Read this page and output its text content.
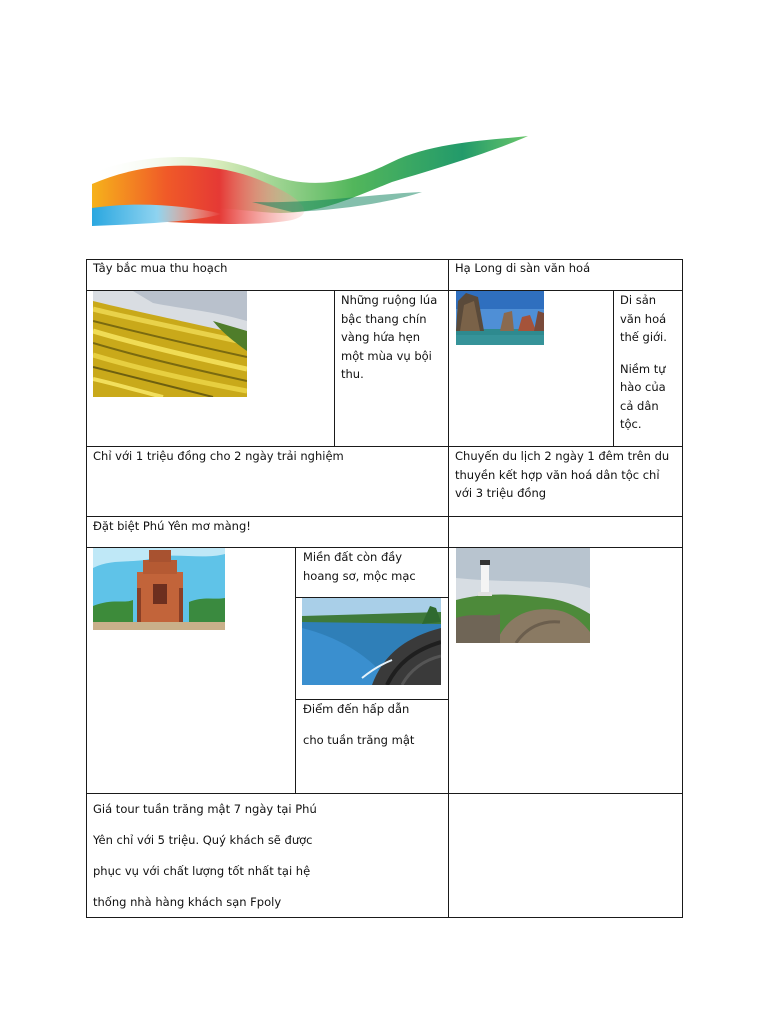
Tây bắc mua thu hoạch	Hạ Long di sàn văn hoá
Những ruộng lúa
bậc thang chín
vàng hứa hẹn
một mùa vụ bội
thu.
Di sản
văn hoá
thế giới.
Niềm tự
hào của
cả dân
tộc.
Chỉ với 1 triệu đồng cho 2 ngày trải nghiệm	Chuyến du lịch 2 ngày 1 đêm trên du
thuyền kết hợp văn hoá dân tộc chỉ
với 3 triệu đồng
Đặt biệt Phú Yên mơ màng!
Miền đất còn đầy
hoang sơ, mộc mạc
Điểm đến hấp dẫn
cho tuần trăng mật
Giá tour tuần trăng mật 7 ngày tại Phú
Yên chỉ với 5 triệu. Quý khách sẽ được
phục vụ với chất lượng tốt nhất tại hệ
thống nhà hàng khách sạn Fpoly
